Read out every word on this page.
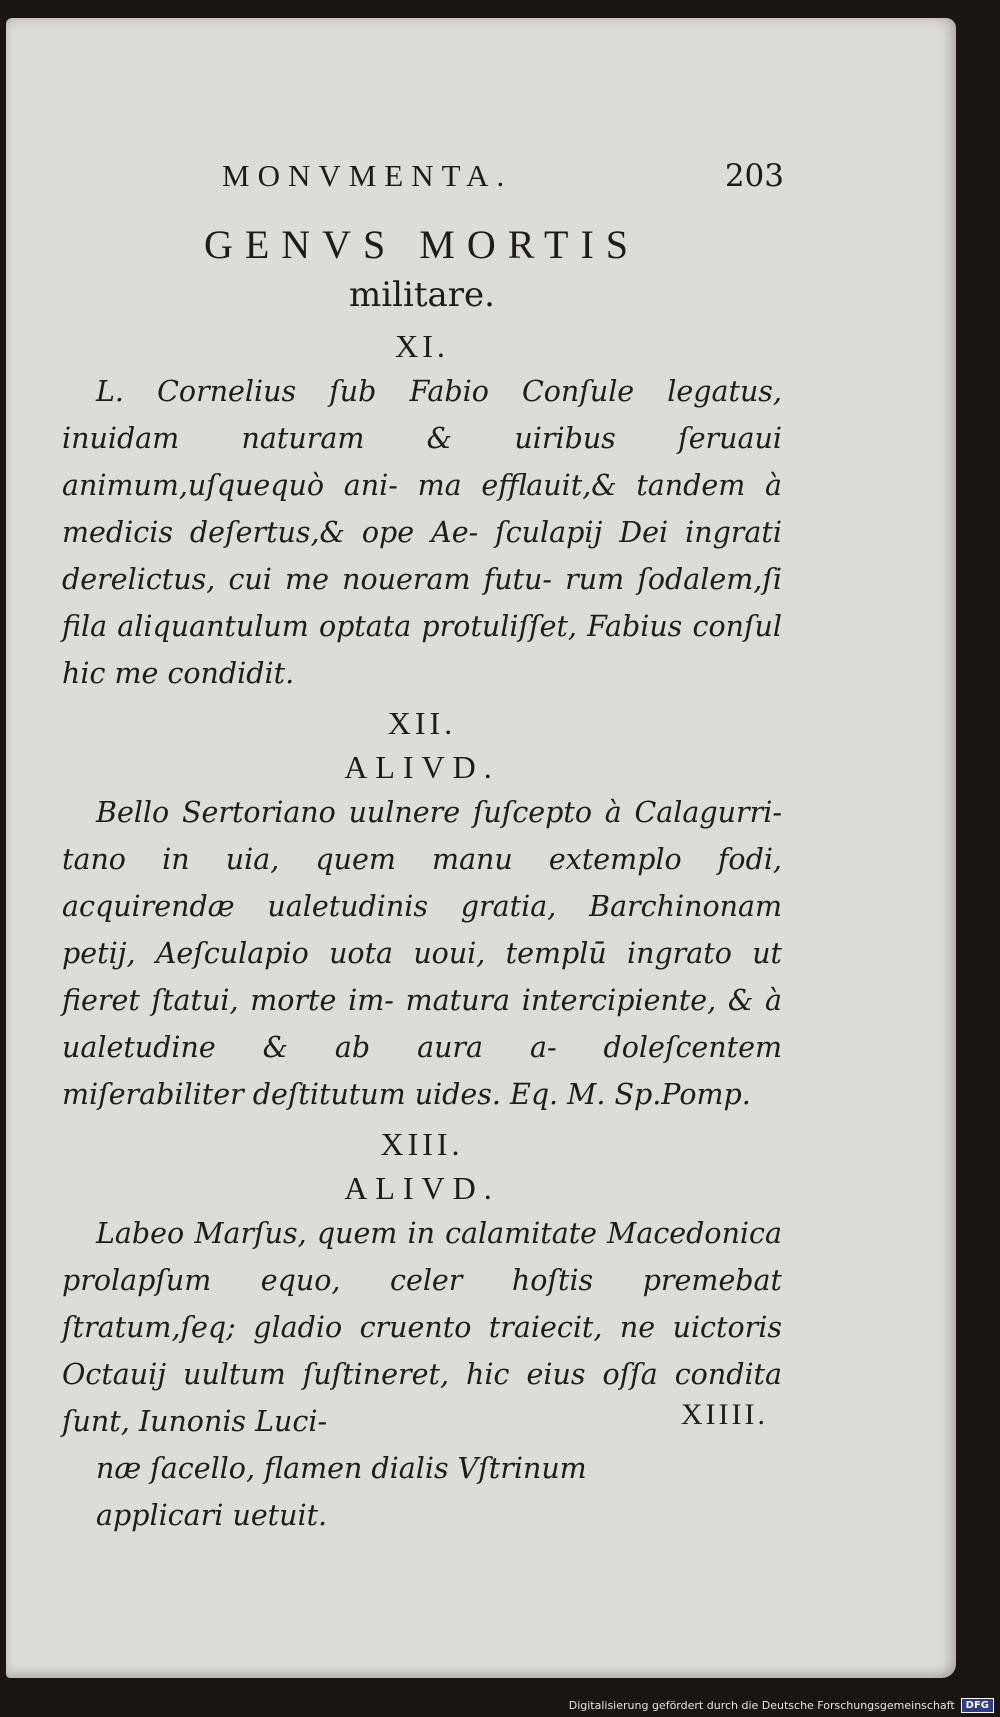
MONVMENTA.	203
GENVS MORTIS
militare.
XI.

L. Cornelius ſub Fabio Conſule legatus, inuidam naturam & uiribus ſeruaui animum,uſquequò ani- ma efflauit,& tandem à medicis deſertus,& ope Ae- ſculapij Dei ingrati derelictus, cui me noueram futu- rum ſodalem,ſi fila aliquantulum optata protuliſſet, Fabius conſul hic me condidit.

XII.
ALIVD.

Bello Sertoriano uulnere ſuſcepto à Calagurri- tano in uia, quem manu extemplo fodi, acquirendæ ualetudinis gratia, Barchinonam petij, Aeſculapio uota uoui, templū ingrato ut fieret ſtatui, morte im- matura intercipiente, & à ualetudine & ab aura a- doleſcentem miſerabiliter deſtitutum uides. Eq. M. Sp.Pomp.

XIII.
ALIVD.

Labeo Marſus, quem in calamitate Macedonica prolapſum equo, celer hoſtis premebat ſtratum,ſeq; gladio cruento traiecit, ne uictoris Octauij uultum ſuſtineret, hic eius oſſa condita ſunt, Iunonis Luci-
næ ſacello, flamen dialis Vſtrinum
applicari uetuit.

XIIII.
Digitalisierung gefördert durch die Deutsche Forschungsgemeinschaft	DFG
